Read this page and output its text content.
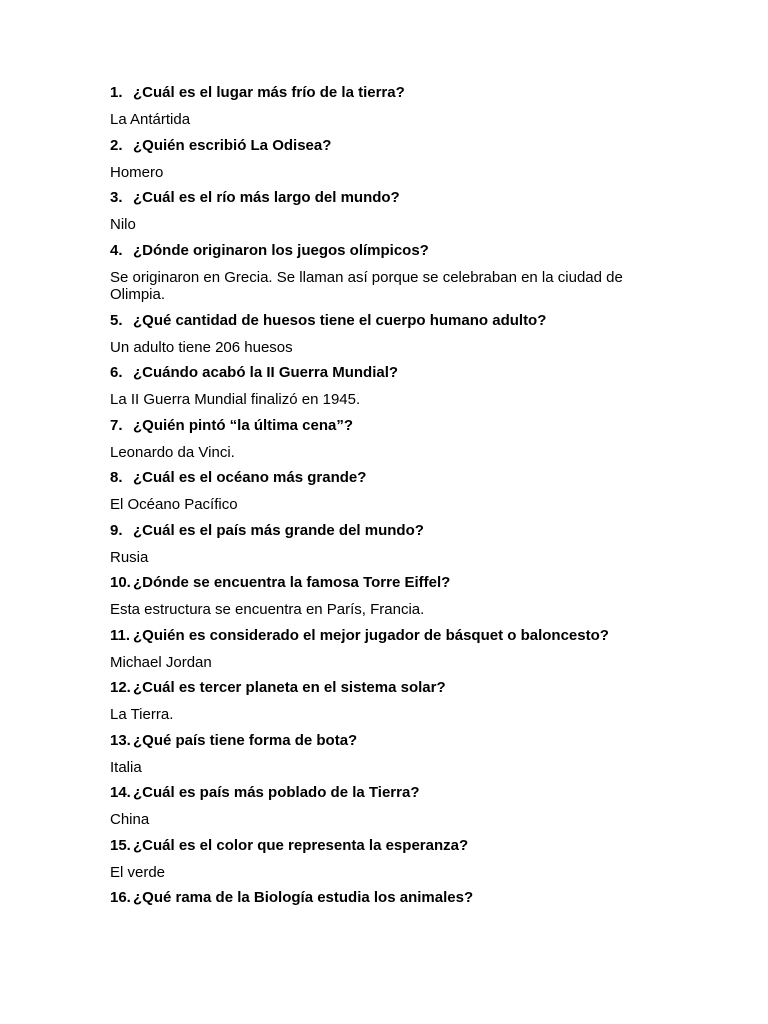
1. ¿Cuál es el lugar más frío de la tierra?
La Antártida
2. ¿Quién escribió La Odisea?
Homero
3. ¿Cuál es el río más largo del mundo?
Nilo
4. ¿Dónde originaron los juegos olímpicos?
Se originaron en Grecia. Se llaman así porque se celebraban en la ciudad de Olimpia.
5. ¿Qué cantidad de huesos tiene el cuerpo humano adulto?
Un adulto tiene 206 huesos
6. ¿Cuándo acabó la II Guerra Mundial?
La II Guerra Mundial finalizó en 1945.
7. ¿Quién pintó “la última cena”?
Leonardo da Vinci.
8. ¿Cuál es el océano más grande?
El Océano Pacífico
9. ¿Cuál es el país más grande del mundo?
Rusia
10. ¿Dónde se encuentra la famosa Torre Eiffel?
Esta estructura se encuentra en París, Francia.
11. ¿Quién es considerado el mejor jugador de básquet o baloncesto?
Michael Jordan
12. ¿Cuál es tercer planeta en el sistema solar?
La Tierra.
13. ¿Qué país tiene forma de bota?
Italia
14. ¿Cuál es país más poblado de la Tierra?
China
15. ¿Cuál es el color que representa la esperanza?
El verde
16. ¿Qué rama de la Biología estudia los animales?
